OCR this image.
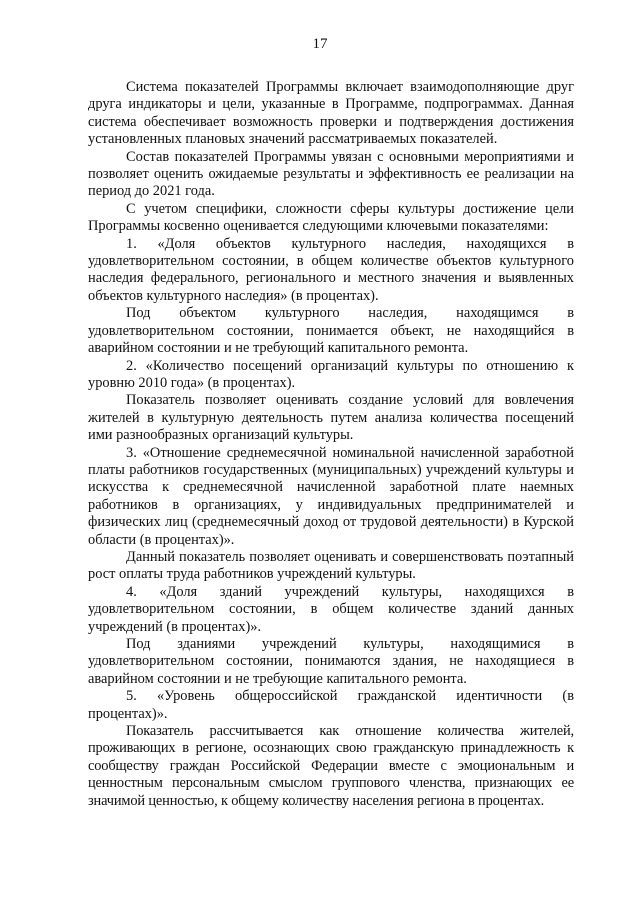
17

Система показателей Программы включает взаимодополняющие друг друга индикаторы и цели, указанные в Программе, подпрограммах. Данная система обеспечивает возможность проверки и подтверждения достижения установленных плановых значений рассматриваемых показателей.

Состав показателей Программы увязан с основными мероприятиями и позволяет оценить ожидаемые результаты и эффективность ее реализации на период до 2021 года.

С учетом специфики, сложности сферы культуры достижение цели Программы косвенно оценивается следующими ключевыми показателями:

1. «Доля объектов культурного наследия, находящихся в удовлетворительном состоянии, в общем количестве объектов культурного наследия федерального, регионального и местного значения и выявленных объектов культурного наследия» (в процентах).

Под объектом культурного наследия, находящимся в удовлетворительном состоянии, понимается объект, не находящийся в аварийном состоянии и не требующий капитального ремонта.

2. «Количество посещений организаций культуры по отношению к уровню 2010 года» (в процентах).

Показатель позволяет оценивать создание условий для вовлечения жителей в культурную деятельность путем анализа количества посещений ими разнообразных организаций культуры.

3. «Отношение среднемесячной номинальной начисленной заработной платы работников государственных (муниципальных) учреждений культуры и искусства к среднемесячной начисленной заработной плате наемных работников в организациях, у индивидуальных предпринимателей и физических лиц (среднемесячный доход от трудовой деятельности) в Курской области (в процентах)».

Данный показатель позволяет оценивать и совершенствовать поэтапный рост оплаты труда работников учреждений культуры.

4. «Доля зданий учреждений культуры, находящихся в удовлетворительном состоянии, в общем количестве зданий данных учреждений (в процентах)».

Под зданиями учреждений культуры, находящимися в удовлетворительном состоянии, понимаются здания, не находящиеся в аварийном состоянии и не требующие капитального ремонта.

5. «Уровень общероссийской гражданской идентичности (в процентах)».

Показатель рассчитывается как отношение количества жителей, проживающих в регионе, осознающих свою гражданскую принадлежность к сообществу граждан Российской Федерации вместе с эмоциональным и ценностным персональным смыслом группового членства, признающих ее значимой ценностью, к общему количеству населения региона в процентах.
